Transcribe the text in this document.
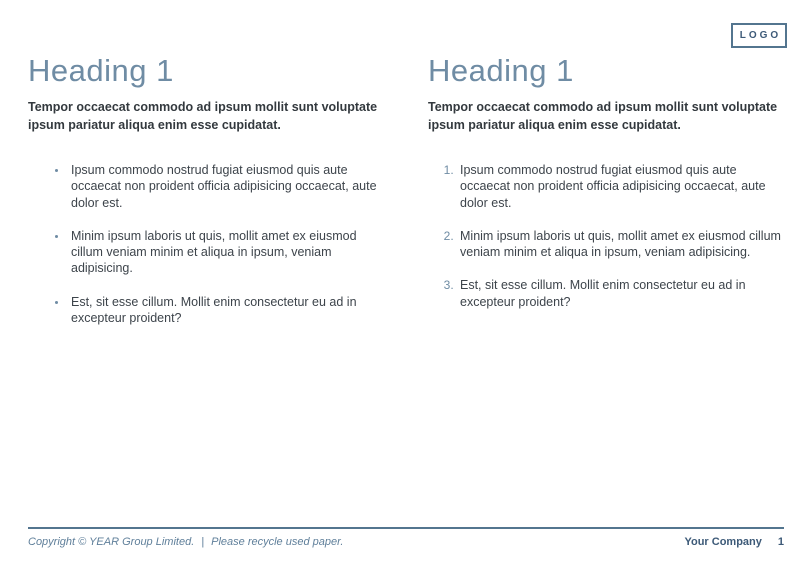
LOGO
Heading 1

Tempor occaecat commodo ad ipsum mollit sunt voluptate ipsum pariatur aliqua enim esse cupidatat.

• Ipsum commodo nostrud fugiat eiusmod quis aute occaecat non proident officia adipisicing occaecat, aute dolor est.
• Minim ipsum laboris ut quis, mollit amet ex eiusmod cillum veniam minim et aliqua in ipsum, veniam adipisicing.
• Est, sit esse cillum. Mollit enim consectetur eu ad in excepteur proident?
Heading 1

Tempor occaecat commodo ad ipsum mollit sunt voluptate ipsum pariatur aliqua enim esse cupidatat.

1. Ipsum commodo nostrud fugiat eiusmod quis aute occaecat non proident officia adipisicing occaecat, aute dolor est.
2. Minim ipsum laboris ut quis, mollit amet ex eiusmod cillum veniam minim et aliqua in ipsum, veniam adipisicing.
3. Est, sit esse cillum. Mollit enim consectetur eu ad in excepteur proident?
Copyright © YEAR Group Limited. | Please recycle used paper.	Your Company 1
